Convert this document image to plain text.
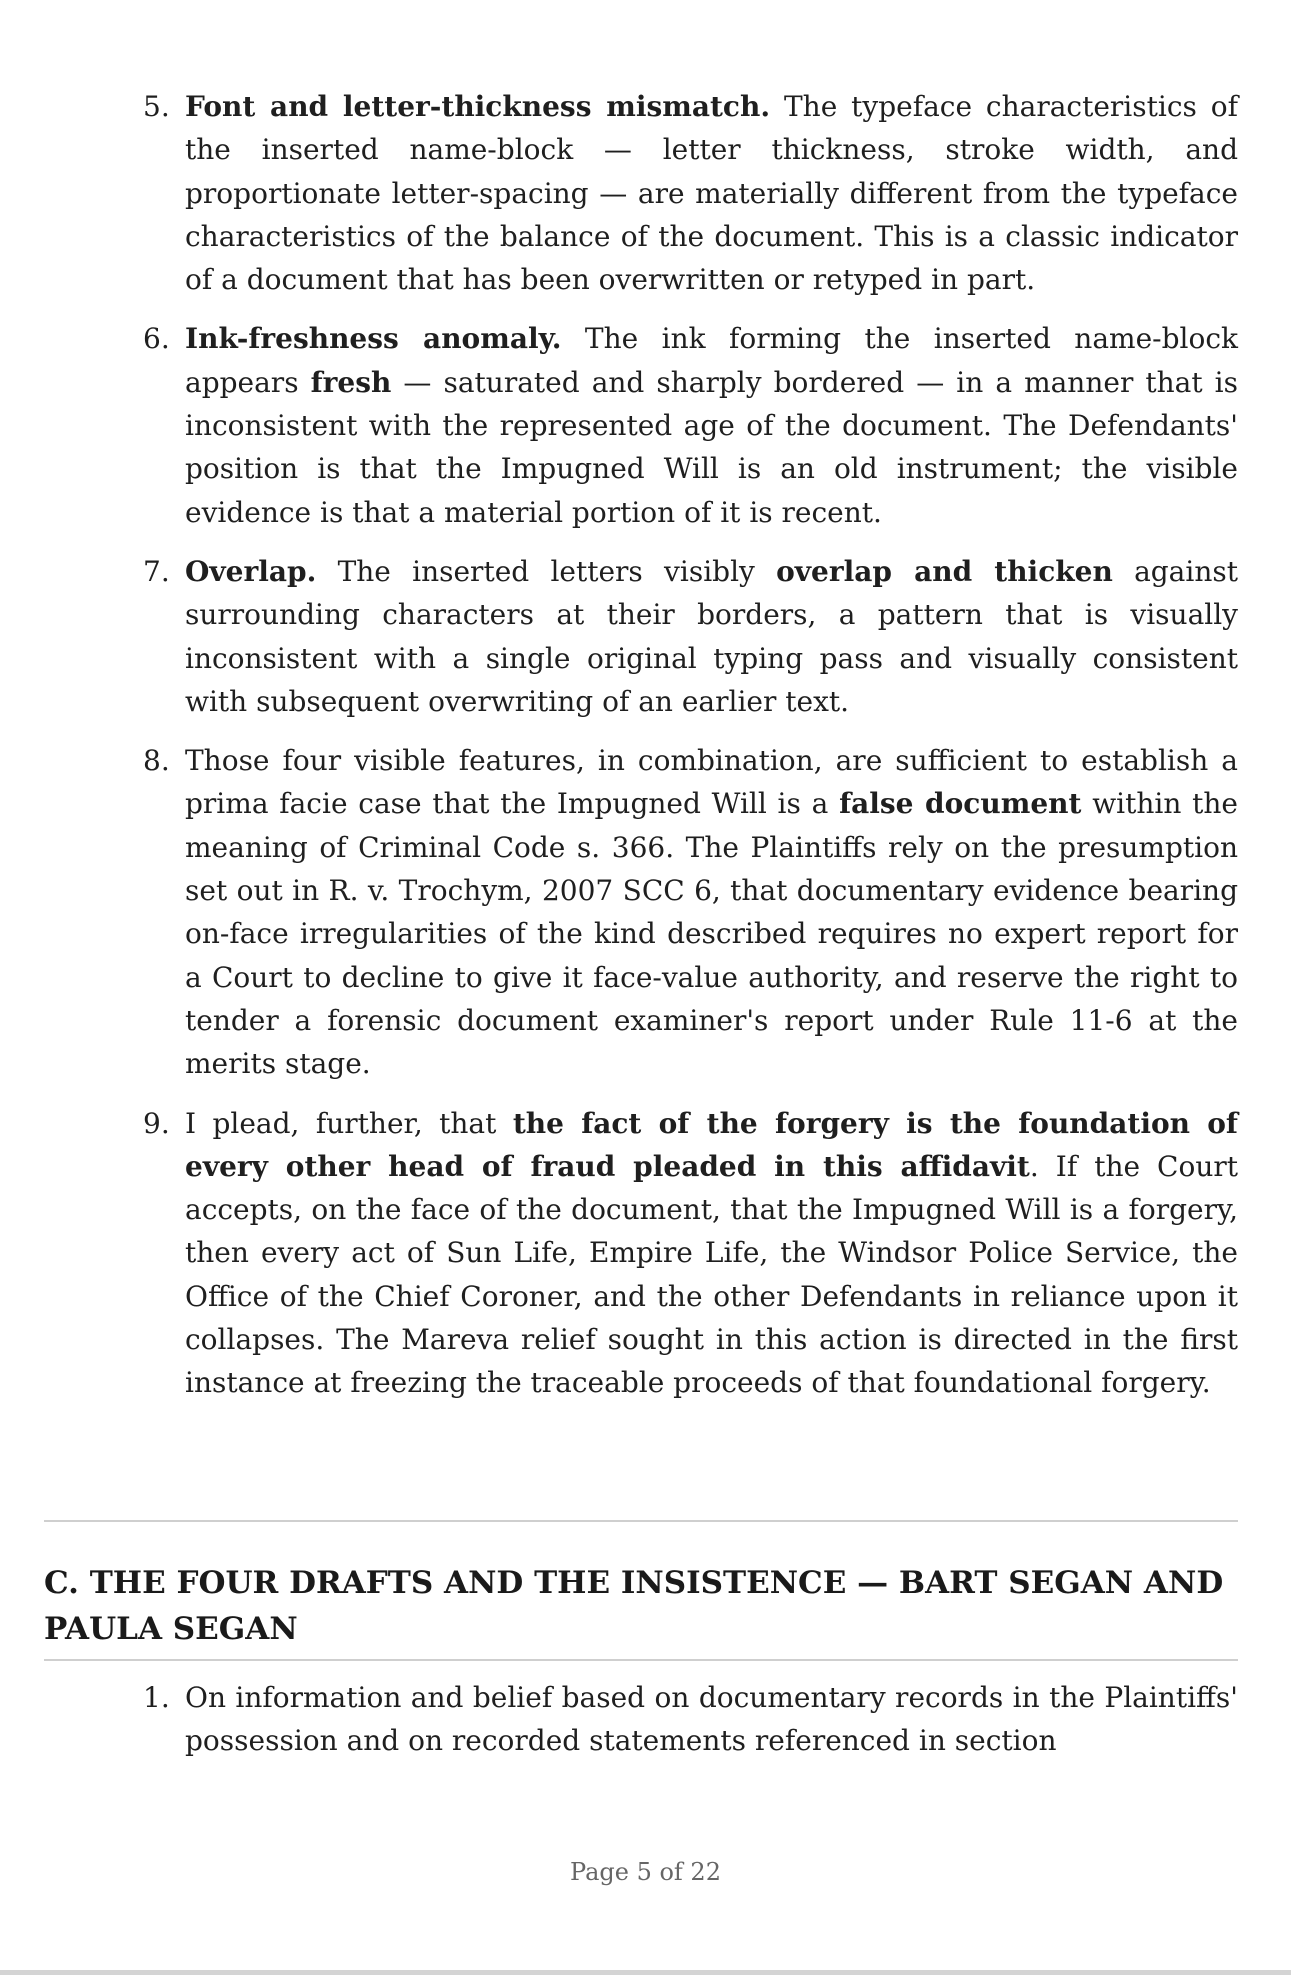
5. Font and letter-thickness mismatch. The typeface characteristics of the inserted name-block — letter thickness, stroke width, and proportionate letter-spacing — are materially different from the typeface characteristics of the balance of the document. This is a classic indicator of a document that has been overwritten or retyped in part.
6. Ink-freshness anomaly. The ink forming the inserted name-block appears fresh — saturated and sharply bordered — in a manner that is inconsistent with the represented age of the document. The Defendants' position is that the Impugned Will is an old instrument; the visible evidence is that a material portion of it is recent.
7. Overlap. The inserted letters visibly overlap and thicken against surrounding characters at their borders, a pattern that is visually inconsistent with a single original typing pass and visually consistent with subsequent overwriting of an earlier text.
8. Those four visible features, in combination, are sufficient to establish a prima facie case that the Impugned Will is a false document within the meaning of Criminal Code s. 366. The Plaintiffs rely on the presumption set out in R. v. Trochym, 2007 SCC 6, that documentary evidence bearing on-face irregularities of the kind described requires no expert report for a Court to decline to give it face-value authority, and reserve the right to tender a forensic document examiner's report under Rule 11-6 at the merits stage.
9. I plead, further, that the fact of the forgery is the foundation of every other head of fraud pleaded in this affidavit. If the Court accepts, on the face of the document, that the Impugned Will is a forgery, then every act of Sun Life, Empire Life, the Windsor Police Service, the Office of the Chief Coroner, and the other Defendants in reliance upon it collapses. The Mareva relief sought in this action is directed in the first instance at freezing the traceable proceeds of that foundational forgery.
C. THE FOUR DRAFTS AND THE INSISTENCE — BART SEGAN AND PAULA SEGAN
1. On information and belief based on documentary records in the Plaintiffs' possession and on recorded statements referenced in section
Page 5 of 22
